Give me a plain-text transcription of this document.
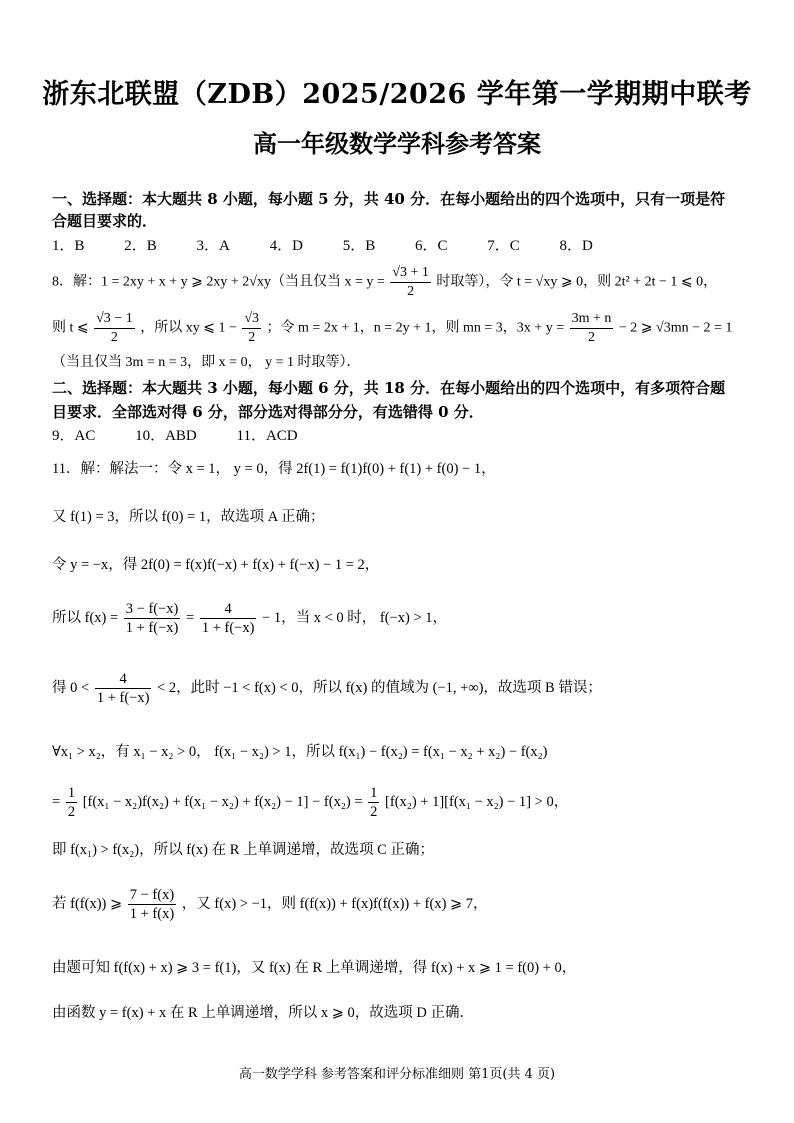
浙东北联盟（ZDB）2025/2026 学年第一学期期中联考
高一年级数学学科参考答案
一、选择题：本大题共 8 小题，每小题 5 分，共 40 分．在每小题给出的四个选项中，只有一项是符
合题目要求的．
1．B	2．B	3．A	4．D	5．B	6．C	7．C	8．D
8．解：1 = 2xy + x + y ⩾ 2xy + 2√xy（当且仅当 $x = y = \frac{√3 + 1}{2}$ 时取等），令 t = √xy ⩾ 0，则 2t² + 2t − 1 ⩽ 0，
则 t ⩽ $\frac{√3 - 1}{2}$ ，所以 xy ⩽ $1 - \frac{√3}{2}$ ；令 m = 2x + 1，n = 2y + 1，则 mn = 3，$3x + y = \frac{3m + n}{2} - 2$ ⩾ √3mn − 2 = 1
（当且仅当 3m = n = 3，即 x = 0， y = 1 时取等）．
二、选择题：本大题共 3 小题，每小题 6 分，共 18 分．在每小题给出的四个选项中，有多项符合题
目要求．全部选对得 6 分，部分选对得部分分，有选错得 0 分．
9．AC	10．ABD	11．ACD
11．解：解法一：令 x = 1， y = 0，得 2f(1) = f(1)f(0) + f(1) + f(0) − 1，
又 f(1) = 3，所以 f(0) = 1，故选项 A 正确；
令 y = −x，得 2f(0) = f(x)f(−x) + f(x) + f(−x) − 1 = 2，
所以 $f(x) = \frac{3 - f(-x)}{1 + f(-x)} = \frac{4}{1 + f(-x)} - 1$，当 x < 0 时， f(−x) > 1，
得 $0 < \frac{4}{1 + f(-x)} < 2$，此时 −1 < f(x) < 0，所以 f(x) 的值域为 (−1, +∞)，故选项 B 错误；
∀x₁ > x₂，有 x₁ − x₂ > 0， f(x₁ − x₂) > 1，所以 f(x₁) − f(x₂) = f(x₁ − x₂ + x₂) − f(x₂)
= $\frac{1}{2} [f(x_1 - x_2)f(x_2) + f(x_1 - x_2) + f(x_2) - 1] - f(x_2) = \frac{1}{2} [f(x_2) + 1][f(x_1 - x_2) - 1] > 0$，
即 f(x₁) > f(x₂)，所以 f(x) 在 R 上单调递增，故选项 C 正确；
若 f(f(x)) ⩾ $\frac{7 - f(x)}{1 + f(x)}$ ，又 f(x) > −1，则 f(f(x)) + f(x)f(f(x)) + f(x) ⩾ 7，
由题可知 f(f(x) + x) ⩾ 3 = f(1)，又 f(x) 在 R 上单调递增，得 f(x) + x ⩾ 1 = f(0) + 0，
由函数 y = f(x) + x 在 R 上单调递增，所以 x ⩾ 0，故选项 D 正确．
高一数学学科 参考答案和评分标准细则 第1页(共 4 页)
